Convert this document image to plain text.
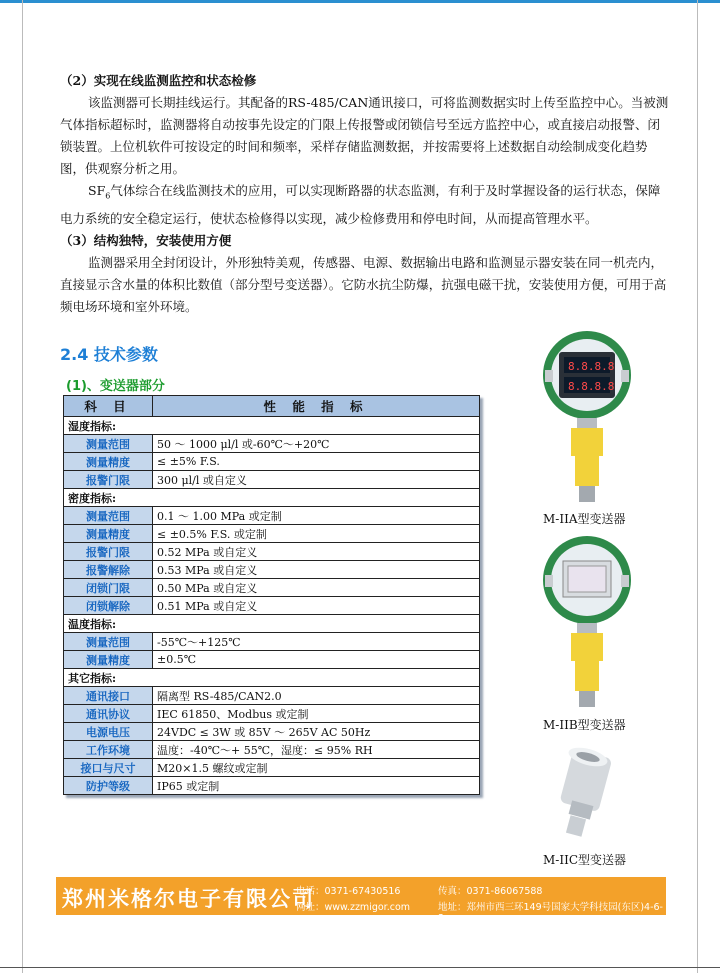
（2）实现在线监测监控和状态检修
该监测器可长期挂线运行。其配备的RS-485/CAN通讯接口，可将监测数据实时上传至监控中心。当被测气体指标超标时，监测器将自动按事先设定的门限上传报警或闭锁信号至远方监控中心，或直接启动报警、闭锁装置。上位机软件可按设定的时间和频率，采样存储监测数据，并按需要将上述数据自动绘制成变化趋势图，供观察分析之用。
$SF_6$气体综合在线监测技术的应用，可以实现断路器的状态监测，有利于及时掌握设备的运行状态，保障电力系统的安全稳定运行，使状态检修得以实现，减少检修费用和停电时间，从而提高管理水平。
（3）结构独特，安装使用方便
监测器采用全封闭设计，外形独特美观，传感器、电源、数据输出电路和监测显示器安装在同一机壳内，直接显示含水量的体积比数值（部分型号变送器）。它防水抗尘防爆，抗强电磁干扰，安装使用方便，可用于高频电场环境和室外环境。
2.4 技术参数
(1)、变送器部分
科 目	性 能 指 标
湿度指标:	
测量范围	50 ～ 1000 μl/l 或-60℃～+20℃
测量精度	≤ ±5% F.S.
报警门限	300 μl/l 或自定义
密度指标:	
测量范围	0.1 ～ 1.00 MPa 或定制
测量精度	≤ ±0.5% F.S. 或定制
报警门限	0.52 MPa 或自定义
报警解除	0.53 MPa 或自定义
闭锁门限	0.50 MPa 或自定义
闭锁解除	0.51 MPa 或自定义
温度指标:	
测量范围	-55℃～+125℃
测量精度	±0.5℃
其它指标:	
通讯接口	隔离型 RS-485/CAN2.0
通讯协议	IEC 61850、Modbus 或定制
电源电压	24VDC ≤ 3W 或 85V ～ 265V AC 50Hz
工作环境	温度：-40℃～+ 55℃，湿度：≤ 95% RH
接口与尺寸	M20×1.5 螺纹或定制
防护等级	IP65 或定制
8.8.8.8
8.8.8.8
M-IIA型变送器
M-IIB型变送器
M-IIC型变送器
郑州米格尔电子有限公司
电话：0371-67430516	传真：0371-86067588
网址：www.zzmigor.com	地址：郑州市西三环149号国家大学科技园(东区)4-6-3
